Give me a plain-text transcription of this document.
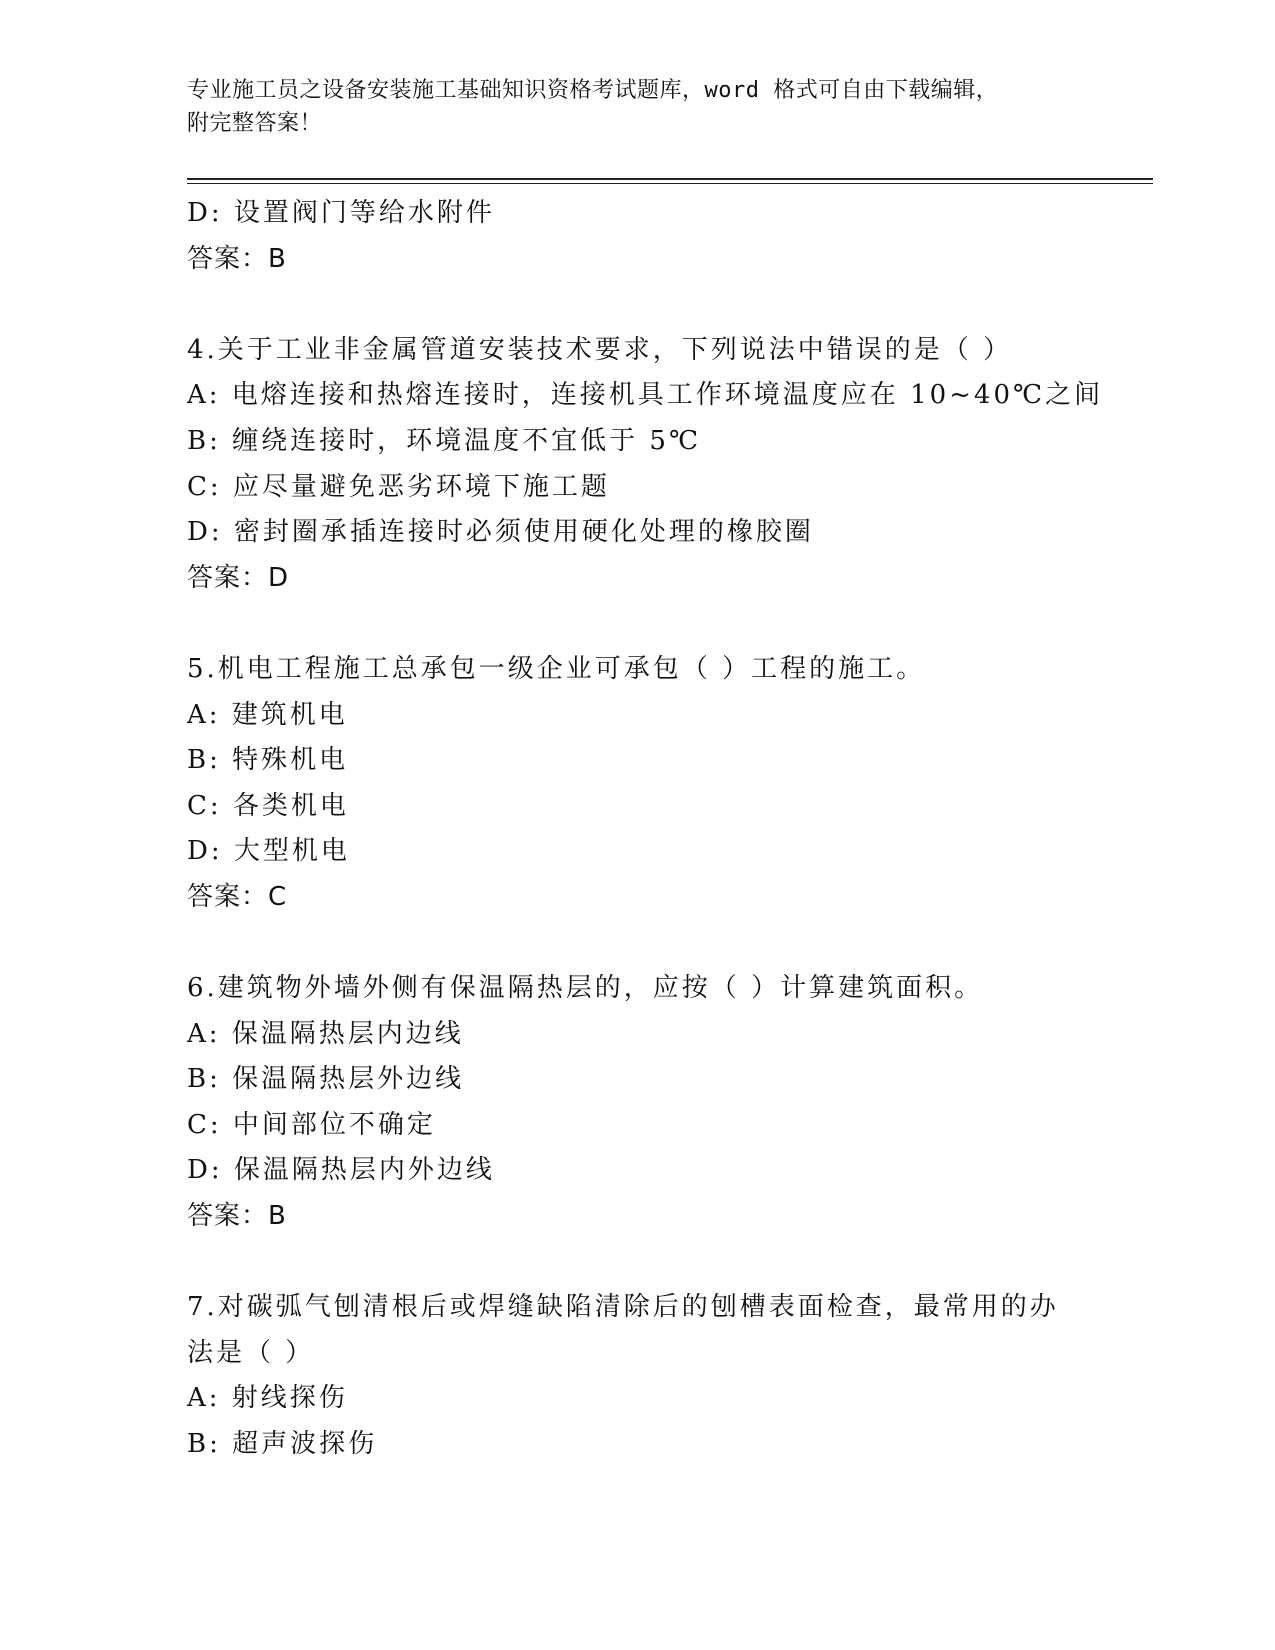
专业施工员之设备安装施工基础知识资格考试题库，word 格式可自由下载编辑，
附完整答案！
D: 设置阀门等给水附件
答案：B
4.关于工业非金属管道安装技术要求，下列说法中错误的是（ ）
A: 电熔连接和热熔连接时，连接机具工作环境温度应在 10~40℃之间
B: 缠绕连接时，环境温度不宜低于 5℃
C: 应尽量避免恶劣环境下施工题
D: 密封圈承插连接时必须使用硬化处理的橡胶圈
答案：D
5.机电工程施工总承包一级企业可承包（ ）工程的施工。
A: 建筑机电
B: 特殊机电
C: 各类机电
D: 大型机电
答案：C
6.建筑物外墙外侧有保温隔热层的，应按（ ）计算建筑面积。
A: 保温隔热层内边线
B: 保温隔热层外边线
C: 中间部位不确定
D: 保温隔热层内外边线
答案：B
7.对碳弧气刨清根后或焊缝缺陷清除后的刨槽表面检查，最常用的办
法是（ ）
A: 射线探伤
B: 超声波探伤
